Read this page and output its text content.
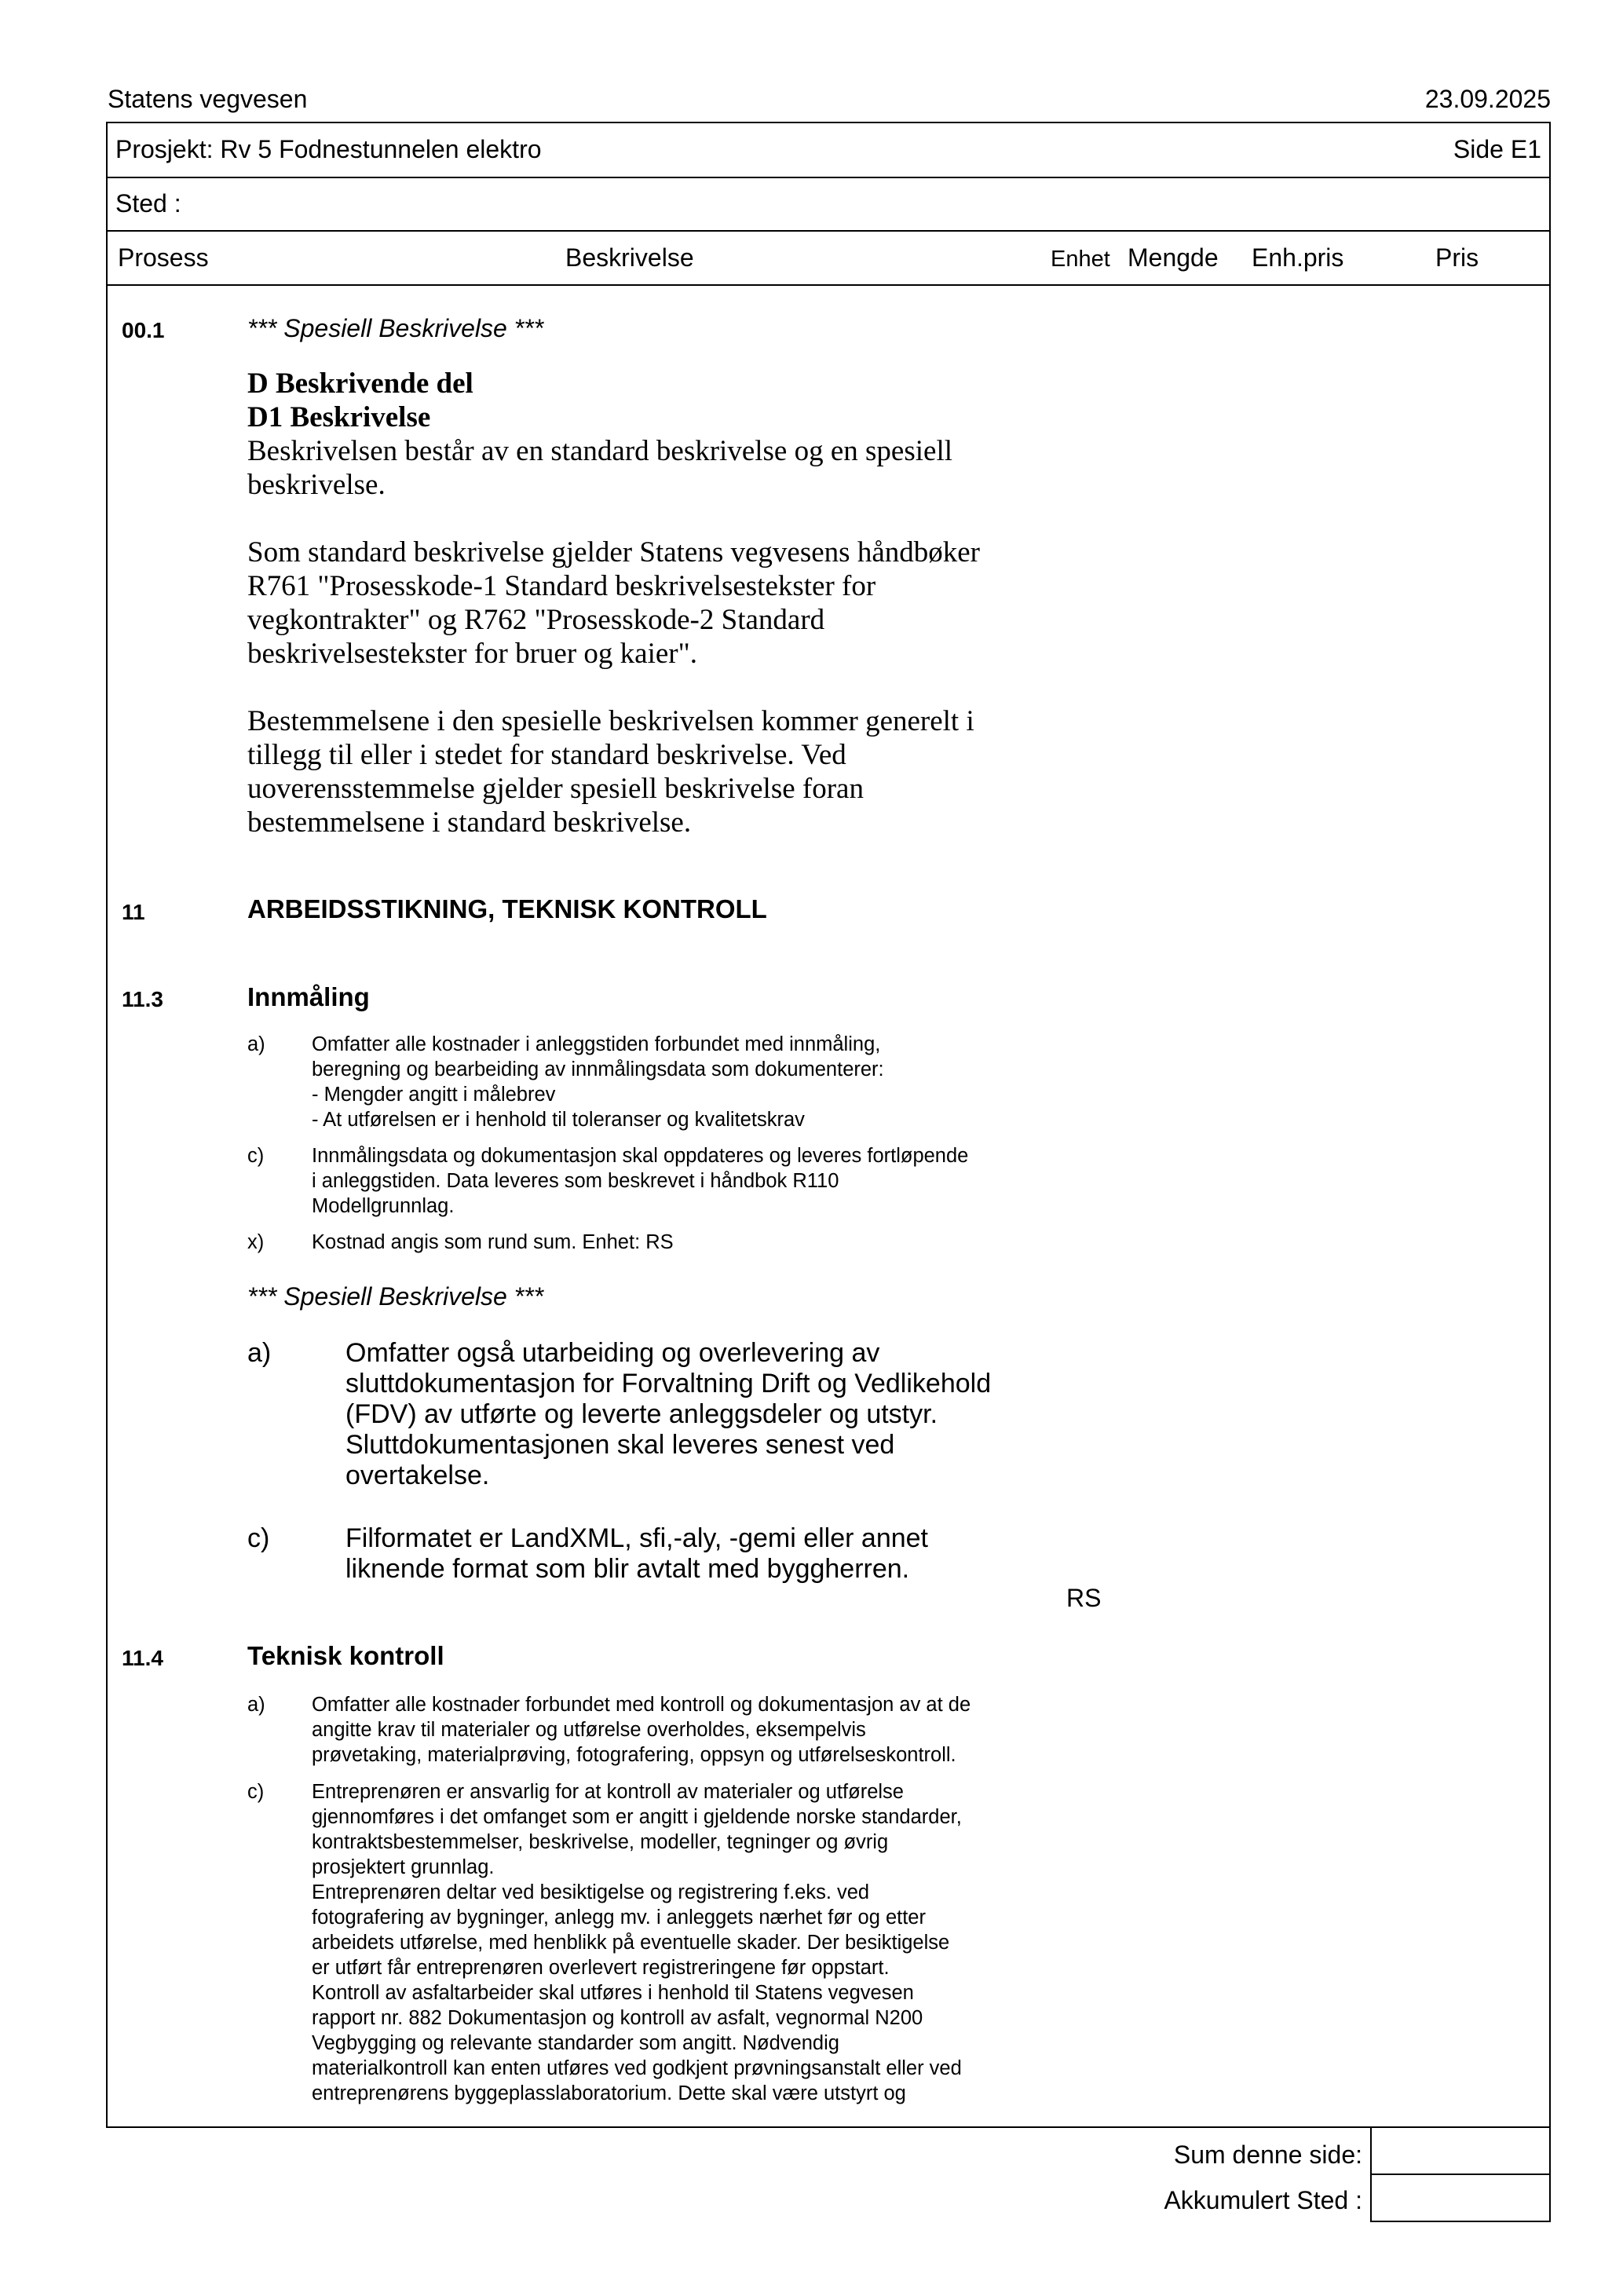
Statens vegvesen	23.09.2025
Prosjekt: Rv 5 Fodnestunnelen elektro	Side E1
Sted :
Prosess	Beskrivelse	Enhet Mengde Enh.pris	Pris
00.1	*** Spesiell Beskrivelse ***
D Beskrivende del
D1 Beskrivelse
Beskrivelsen består av en standard beskrivelse og en spesiell
beskrivelse.
Som standard beskrivelse gjelder Statens vegvesens håndbøker
R761 "Prosesskode-1 Standard beskrivelsestekster for
vegkontrakter" og R762 "Prosesskode-2 Standard
beskrivelsestekster for bruer og kaier".
Bestemmelsene i den spesielle beskrivelsen kommer generelt i
tillegg til eller i stedet for standard beskrivelse. Ved
uoverensstemmelse gjelder spesiell beskrivelse foran
bestemmelsene i standard beskrivelse.
11	ARBEIDSSTIKNING, TEKNISK KONTROLL
11.3	Innmåling
a) Omfatter alle kostnader i anleggstiden forbundet med innmåling,
beregning og bearbeiding av innmålingsdata som dokumenterer:
- Mengder angitt i målebrev
- At utførelsen er i henhold til toleranser og kvalitetskrav
c) Innmålingsdata og dokumentasjon skal oppdateres og leveres fortløpende
i anleggstiden. Data leveres som beskrevet i håndbok R110
Modellgrunnlag.
x) Kostnad angis som rund sum. Enhet: RS
*** Spesiell Beskrivelse ***
a)	Omfatter også utarbeiding og overlevering av
sluttdokumentasjon for Forvaltning Drift og Vedlikehold
(FDV) av utførte og leverte anleggsdeler og utstyr.
Sluttdokumentasjonen skal leveres senest ved
overtakelse.
c)	Filformatet er LandXML, sfi,-aly, -gemi eller annet
liknende format som blir avtalt med byggherren.
RS
11.4	Teknisk kontroll
a) Omfatter alle kostnader forbundet med kontroll og dokumentasjon av at de
angitte krav til materialer og utførelse overholdes, eksempelvis
prøvetaking, materialprøving, fotografering, oppsyn og utførelseskontroll.
c) Entreprenøren er ansvarlig for at kontroll av materialer og utførelse
gjennomføres i det omfanget som er angitt i gjeldende norske standarder,
kontraktsbestemmelser, beskrivelse, modeller, tegninger og øvrig
prosjektert grunnlag.
Entreprenøren deltar ved besiktigelse og registrering f.eks. ved
fotografering av bygninger, anlegg mv. i anleggets nærhet før og etter
arbeidets utførelse, med henblikk på eventuelle skader. Der besiktigelse
er utført får entreprenøren overlevert registreringene før oppstart.
Kontroll av asfaltarbeider skal utføres i henhold til Statens vegvesen
rapport nr. 882 Dokumentasjon og kontroll av asfalt, vegnormal N200
Vegbygging og relevante standarder som angitt. Nødvendig
materialkontroll kan enten utføres ved godkjent prøvningsanstalt eller ved
entreprenørens byggeplasslaboratorium. Dette skal være utstyrt og
Sum denne side:
Akkumulert Sted :
